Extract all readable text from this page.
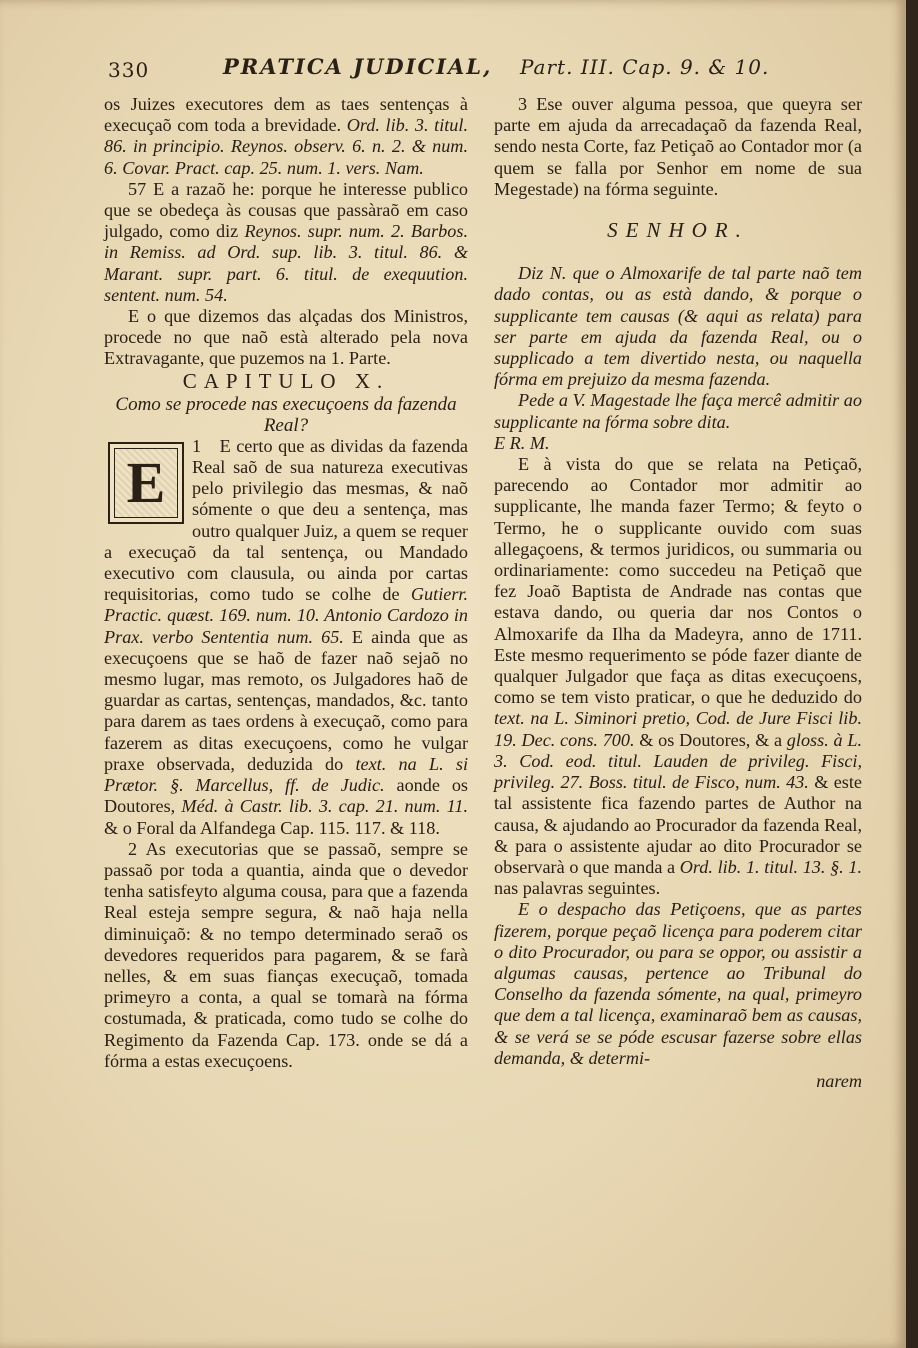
330	PRATICA JUDICIAL, Part. III. Cap. 9. & 10.

os Juizes executores dem as taes sentenças à execuçaõ com toda a brevidade. Ord. lib. 3. titul. 86. in principio. Reynos. observ. 6. n. 2. & num. 6. Covar. Pract. cap. 25. num. 1. vers. Nam.

57 E a razaõ he: porque he interesse publico que se obedeça às cousas que passàraõ em caso julgado, como diz Reynos. supr. num. 2. Barbos. in Remiss. ad Ord. sup. lib. 3. titul. 86. & Marant. supr. part. 6. titul. de exequution. sentent. num. 54.

E o que dizemos das alçadas dos Ministros, procede no que naõ està alterado pela nova Extravagante, que puzemos na 1. Parte.

CAPITULO X.
Como se procede nas execuçoens da fazenda Real?

1
E
E certo que as dividas da fazenda Real saõ de sua natureza executivas pelo privilegio das mesmas, & naõ sómente o que deu a sentença, mas outro qualquer Juiz, a quem se requer a execuçaõ da tal sentença, ou Mandado executivo com clausula, ou ainda por cartas requisitorias, como tudo se colhe de Gutierr. Practic. quæst. 169. num. 10. Antonio Cardozo in Prax. verbo Sententia num. 65. E ainda que as execuçoens que se haõ de fazer naõ sejaõ no mesmo lugar, mas remoto, os Julgadores haõ de guardar as cartas, sentenças, mandados, &c. tanto para darem as taes ordens à execuçaõ, como para fazerem as ditas execuçoens, como he vulgar praxe observada, deduzida do text. na L. si Prætor. §. Marcellus, ff. de Judic. aonde os Doutores, Méd. à Castr. lib. 3. cap. 21. num. 11. & o Foral da Alfandega Cap. 115. 117. & 118.

2 As executorias que se passaõ, sempre se passaõ por toda a quantia, ainda que o devedor tenha satisfeyto alguma cousa, para que a fazenda Real esteja sempre segura, & naõ haja nella diminuiçaõ: & no tempo determinado seraõ os devedores requeridos para pagarem, & se farà nelles, & em suas fianças execuçaõ, tomada primeyro a conta, a qual se tomarà na fórma costumada, & praticada, como tudo se colhe do Regimento da Fazenda Cap. 173. onde se dá a fórma a estas execuçoens.

3 Ese ouver alguma pessoa, que queyra ser parte em ajuda da arrecadaçaõ da fazenda Real, sendo nesta Corte, faz Petiçaõ ao Contador mor (a quem se falla por Senhor em nome de sua Megestade) na fórma seguinte.

SENHOR.

Diz N. que o Almoxarife de tal parte naõ tem dado contas, ou as està dando, & porque o supplicante tem causas (& aqui as relata) para ser parte em ajuda da fazenda Real, ou o supplicado a tem divertido nesta, ou naquella fórma em prejuizo da mesma fazenda.

Pede a V. Magestade lhe faça mercê admitir ao supplicante na fórma sobre dita.

E R. M.

E à vista do que se relata na Petiçaõ, parecendo ao Contador mor admitir ao supplicante, lhe manda fazer Termo; & feyto o Termo, he o supplicante ouvido com suas allegaçoens, & termos juridicos, ou summaria ou ordinariamente: como succedeu na Petiçaõ que fez Joaõ Baptista de Andrade nas contas que estava dando, ou queria dar nos Contos o Almoxarife da Ilha da Madeyra, anno de 1711. Este mesmo requerimento se póde fazer diante de qualquer Julgador que faça as ditas execuçoens, como se tem visto praticar, o que he deduzido do text. na L. Siminori pretio, Cod. de Jure Fisci lib. 19. Dec. cons. 700. & os Doutores, & a gloss. à L. 3. Cod. eod. titul. Lauden de privileg. Fisci, privileg. 27. Boss. titul. de Fisco, num. 43. & este tal assistente fica fazendo partes de Author na causa, & ajudando ao Procurador da fazenda Real, & para o assistente ajudar ao dito Procurador se observarà o que manda a Ord. lib. 1. titul. 13. §. 1. nas palavras seguintes.

E o despacho das Petiçoens, que as partes fizerem, porque peçaõ licença para poderem citar o dito Procurador, ou para se oppor, ou assistir a algumas causas, pertence ao Tribunal do Conselho da fazenda sómente, na qual, primeyro que dem a tal licença, examinaraõ bem as causas, & se verá se se póde escusar fazerse sobre ellas demanda, & determi-

narem
